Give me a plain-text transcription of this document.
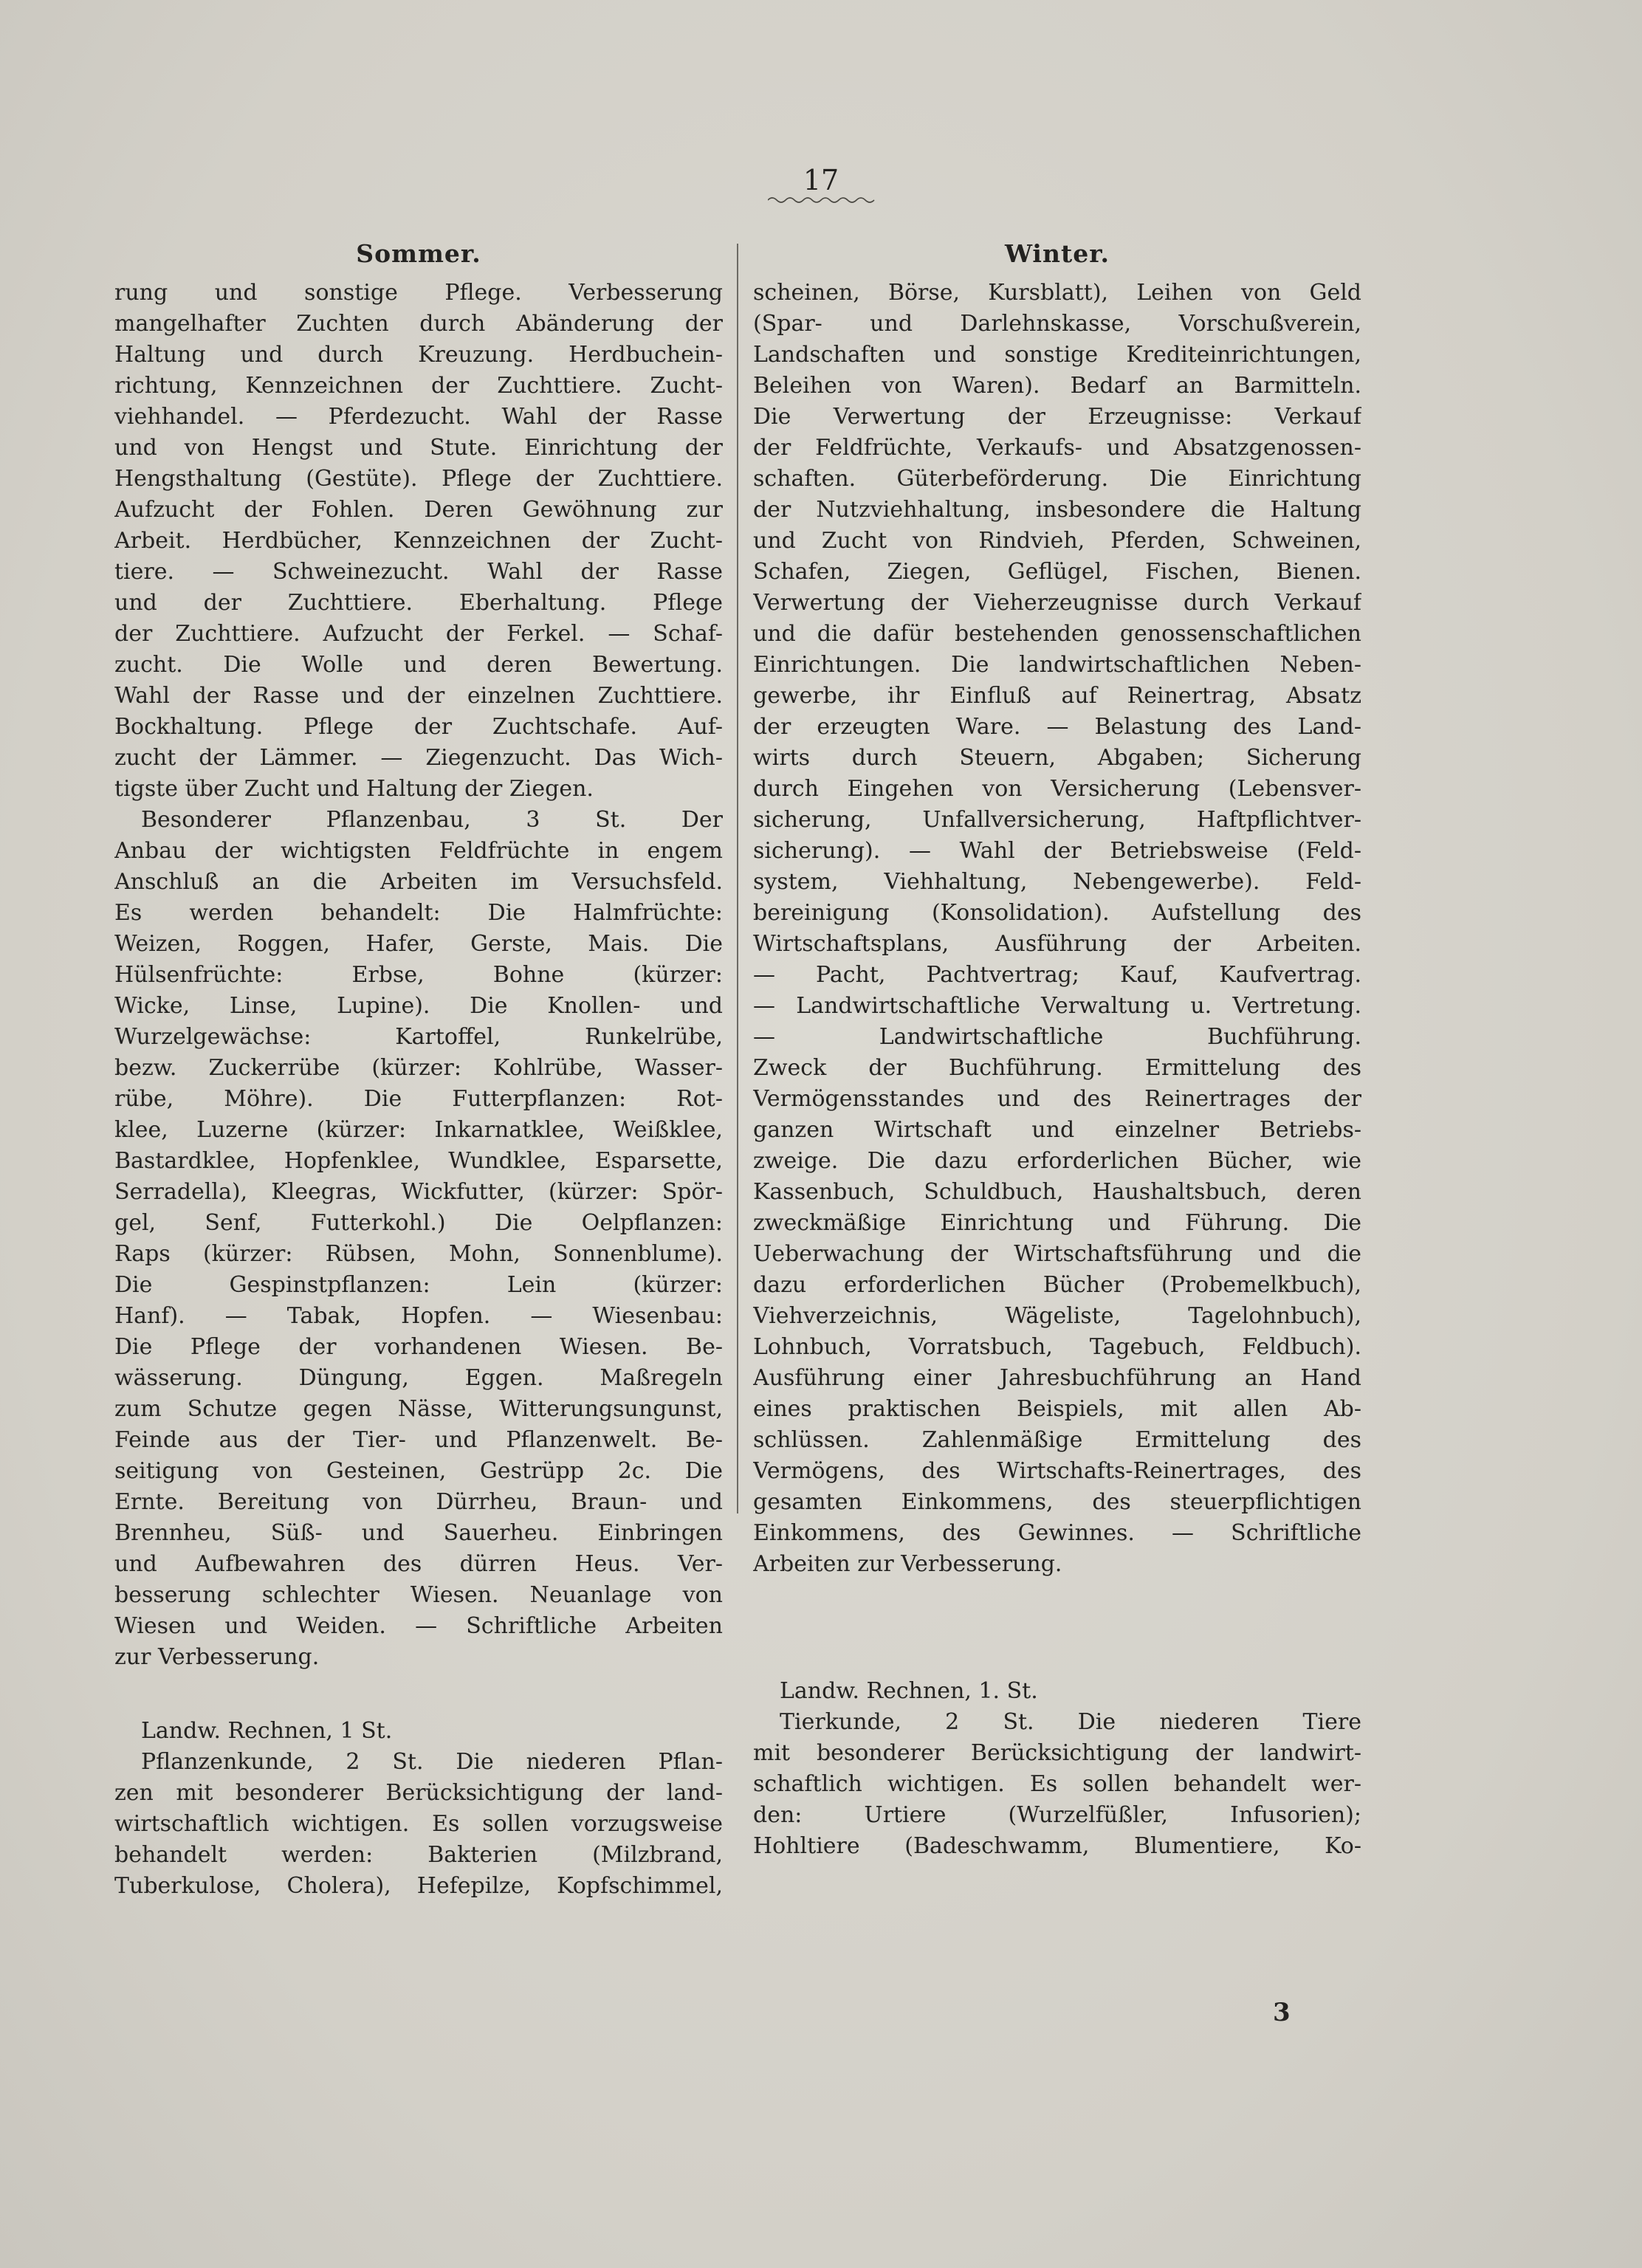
17
Sommer.
rung und sonstige Pflege. Verbesserung
mangelhafter Zuchten durch Abänderung der
Haltung und durch Kreuzung. Herdbuchein-
richtung, Kennzeichnen der Zuchttiere. Zucht-
viehhandel. — Pferdezucht. Wahl der Rasse
und von Hengst und Stute. Einrichtung der
Hengsthaltung (Gestüte). Pflege der Zuchttiere.
Aufzucht der Fohlen. Deren Gewöhnung zur
Arbeit. Herdbücher, Kennzeichnen der Zucht-
tiere. — Schweinezucht. Wahl der Rasse
und der Zuchttiere. Eberhaltung. Pflege
der Zuchttiere. Aufzucht der Ferkel. — Schaf-
zucht. Die Wolle und deren Bewertung.
Wahl der Rasse und der einzelnen Zuchttiere.
Bockhaltung. Pflege der Zuchtschafe. Auf-
zucht der Lämmer. — Ziegenzucht. Das Wich-
tigste über Zucht und Haltung der Ziegen.
Besonderer Pflanzenbau, 3 St. Der
Anbau der wichtigsten Feldfrüchte in engem
Anschluß an die Arbeiten im Versuchsfeld.
Es werden behandelt: Die Halmfrüchte:
Weizen, Roggen, Hafer, Gerste, Mais. Die
Hülsenfrüchte: Erbse, Bohne (kürzer:
Wicke, Linse, Lupine). Die Knollen- und
Wurzelgewächse: Kartoffel, Runkelrübe,
bezw. Zuckerrübe (kürzer: Kohlrübe, Wasser-
rübe, Möhre). Die Futterpflanzen: Rot-
klee, Luzerne (kürzer: Inkarnatklee, Weißklee,
Bastardklee, Hopfenklee, Wundklee, Esparsette,
Serradella), Kleegras, Wickfutter, (kürzer: Spör-
gel, Senf, Futterkohl.) Die Oelpflanzen:
Raps (kürzer: Rübsen, Mohn, Sonnenblume).
Die Gespinstpflanzen: Lein (kürzer:
Hanf). — Tabak, Hopfen. — Wiesenbau:
Die Pflege der vorhandenen Wiesen. Be-
wässerung. Düngung, Eggen. Maßregeln
zum Schutze gegen Nässe, Witterungsungunst,
Feinde aus der Tier- und Pflanzenwelt. Be-
seitigung von Gesteinen, Gestrüpp 2c. Die
Ernte. Bereitung von Dürrheu, Braun- und
Brennheu, Süß- und Sauerheu. Einbringen
und Aufbewahren des dürren Heus. Ver-
besserung schlechter Wiesen. Neuanlage von
Wiesen und Weiden. — Schriftliche Arbeiten
zur Verbesserung.
Landw. Rechnen, 1 St.
Pflanzenkunde, 2 St. Die niederen Pflan-
zen mit besonderer Berücksichtigung der land-
wirtschaftlich wichtigen. Es sollen vorzugsweise
behandelt werden: Bakterien (Milzbrand,
Tuberkulose, Cholera), Hefepilze, Kopfschimmel,
Winter.
scheinen, Börse, Kursblatt), Leihen von Geld
(Spar- und Darlehnskasse, Vorschußverein,
Landschaften und sonstige Krediteinrichtungen,
Beleihen von Waren). Bedarf an Barmitteln.
Die Verwertung der Erzeugnisse: Verkauf
der Feldfrüchte, Verkaufs- und Absatzgenossen-
schaften. Güterbeförderung. Die Einrichtung
der Nutzviehhaltung, insbesondere die Haltung
und Zucht von Rindvieh, Pferden, Schweinen,
Schafen, Ziegen, Geflügel, Fischen, Bienen.
Verwertung der Vieherzeugnisse durch Verkauf
und die dafür bestehenden genossenschaftlichen
Einrichtungen. Die landwirtschaftlichen Neben-
gewerbe, ihr Einfluß auf Reinertrag, Absatz
der erzeugten Ware. — Belastung des Land-
wirts durch Steuern, Abgaben; Sicherung
durch Eingehen von Versicherung (Lebensver-
sicherung, Unfallversicherung, Haftpflichtver-
sicherung). — Wahl der Betriebsweise (Feld-
system, Viehhaltung, Nebengewerbe). Feld-
bereinigung (Konsolidation). Aufstellung des
Wirtschaftsplans, Ausführung der Arbeiten.
— Pacht, Pachtvertrag; Kauf, Kaufvertrag.
— Landwirtschaftliche Verwaltung u. Vertretung.
— Landwirtschaftliche Buchführung.
Zweck der Buchführung. Ermittelung des
Vermögensstandes und des Reinertrages der
ganzen Wirtschaft und einzelner Betriebs-
zweige. Die dazu erforderlichen Bücher, wie
Kassenbuch, Schuldbuch, Haushaltsbuch, deren
zweckmäßige Einrichtung und Führung. Die
Ueberwachung der Wirtschaftsführung und die
dazu erforderlichen Bücher (Probemelkbuch),
Viehverzeichnis, Wägeliste, Tagelohnbuch),
Lohnbuch, Vorratsbuch, Tagebuch, Feldbuch).
Ausführung einer Jahresbuchführung an Hand
eines praktischen Beispiels, mit allen Ab-
schlüssen. Zahlenmäßige Ermittelung des
Vermögens, des Wirtschafts-Reinertrages, des
gesamten Einkommens, des steuerpflichtigen
Einkommens, des Gewinnes. — Schriftliche
Arbeiten zur Verbesserung.
Landw. Rechnen, 1. St.
Tierkunde, 2 St. Die niederen Tiere
mit besonderer Berücksichtigung der landwirt-
schaftlich wichtigen. Es sollen behandelt wer-
den: Urtiere (Wurzelfüßler, Infusorien);
Hohltiere (Badeschwamm, Blumentiere, Ko-
3
